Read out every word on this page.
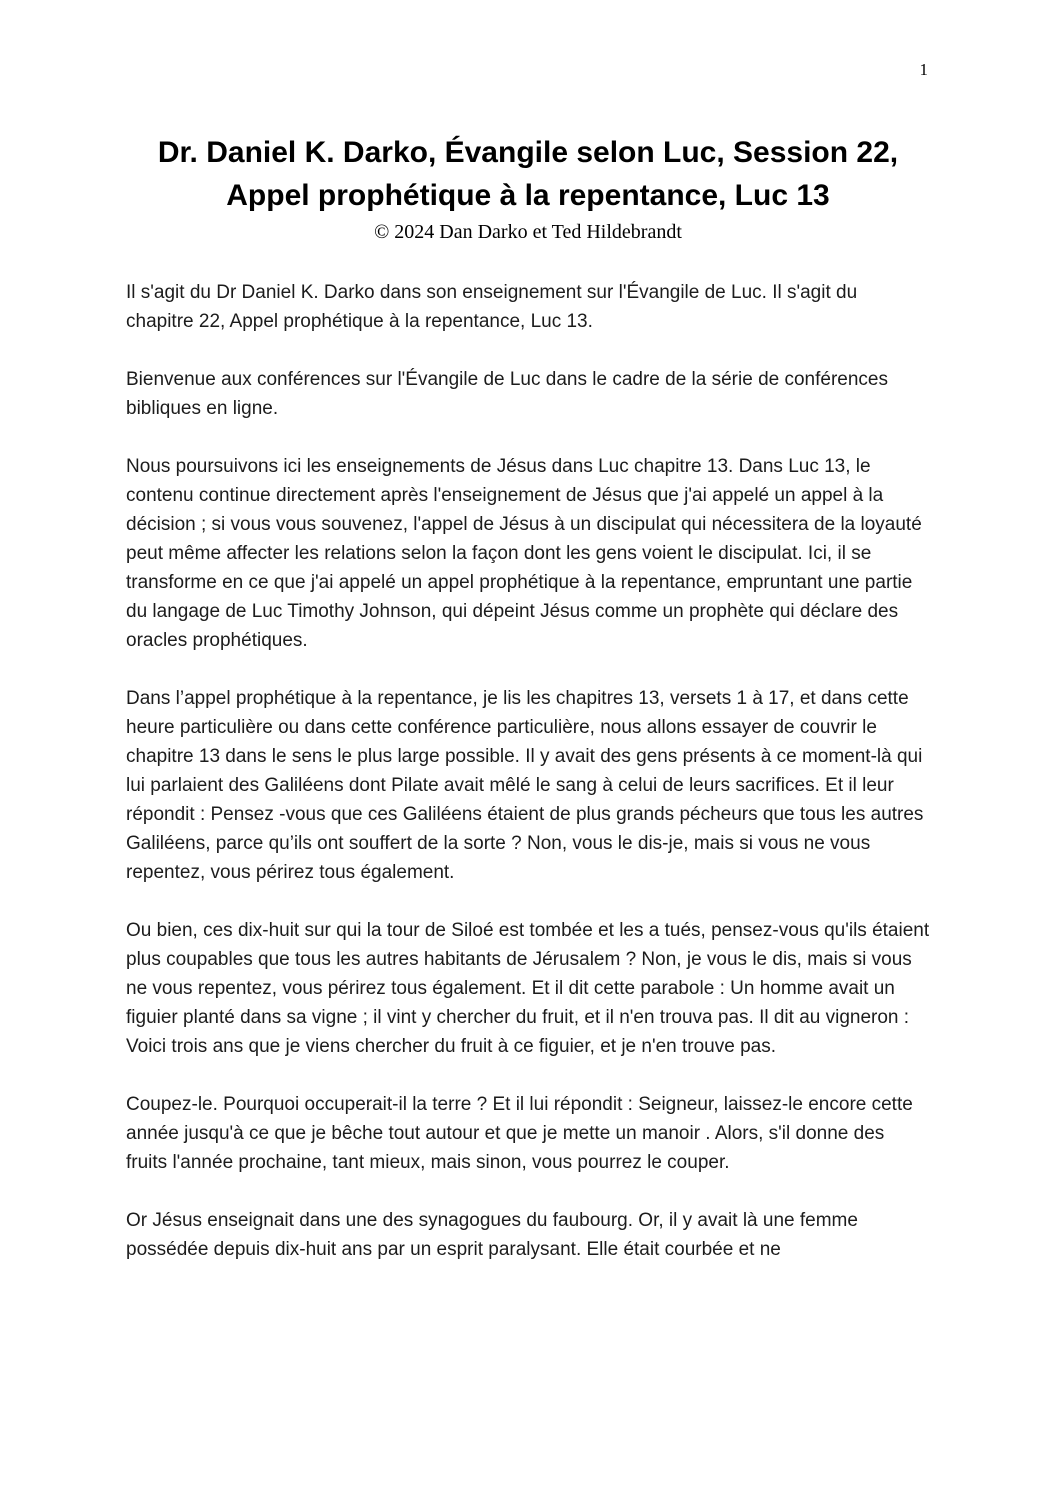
1
Dr. Daniel K. Darko, Évangile selon Luc, Session 22,
Appel prophétique à la repentance, Luc 13
© 2024 Dan Darko et Ted Hildebrandt

Il s'agit du Dr Daniel K. Darko dans son enseignement sur l'Évangile de Luc. Il s'agit du chapitre 22, Appel prophétique à la repentance, Luc 13.

Bienvenue aux conférences sur l'Évangile de Luc dans le cadre de la série de conférences bibliques en ligne.

Nous poursuivons ici les enseignements de Jésus dans Luc chapitre 13. Dans Luc 13, le contenu continue directement après l'enseignement de Jésus que j'ai appelé un appel à la décision ; si vous vous souvenez, l'appel de Jésus à un discipulat qui nécessitera de la loyauté peut même affecter les relations selon la façon dont les gens voient le discipulat. Ici, il se transforme en ce que j'ai appelé un appel prophétique à la repentance, empruntant une partie du langage de Luc Timothy Johnson, qui dépeint Jésus comme un prophète qui déclare des oracles prophétiques.

Dans l’appel prophétique à la repentance, je lis les chapitres 13, versets 1 à 17, et dans cette heure particulière ou dans cette conférence particulière, nous allons essayer de couvrir le chapitre 13 dans le sens le plus large possible. Il y avait des gens présents à ce moment-là qui lui parlaient des Galiléens dont Pilate avait mêlé le sang à celui de leurs sacrifices. Et il leur répondit : Pensez -vous que ces Galiléens étaient de plus grands pécheurs que tous les autres Galiléens, parce qu’ils ont souffert de la sorte ? Non, vous le dis-je, mais si vous ne vous repentez, vous périrez tous également.

Ou bien, ces dix-huit sur qui la tour de Siloé est tombée et les a tués, pensez-vous qu'ils étaient plus coupables que tous les autres habitants de Jérusalem ? Non, je vous le dis, mais si vous ne vous repentez, vous périrez tous également. Et il dit cette parabole : Un homme avait un figuier planté dans sa vigne ; il vint y chercher du fruit, et il n'en trouva pas. Il dit au vigneron : Voici trois ans que je viens chercher du fruit à ce figuier, et je n'en trouve pas.

Coupez-le. Pourquoi occuperait-il la terre ? Et il lui répondit : Seigneur, laissez-le encore cette année jusqu'à ce que je bêche tout autour et que je mette un manoir . Alors, s'il donne des fruits l'année prochaine, tant mieux, mais sinon, vous pourrez le couper.

Or Jésus enseignait dans une des synagogues du faubourg. Or, il y avait là une femme possédée depuis dix-huit ans par un esprit paralysant. Elle était courbée et ne
